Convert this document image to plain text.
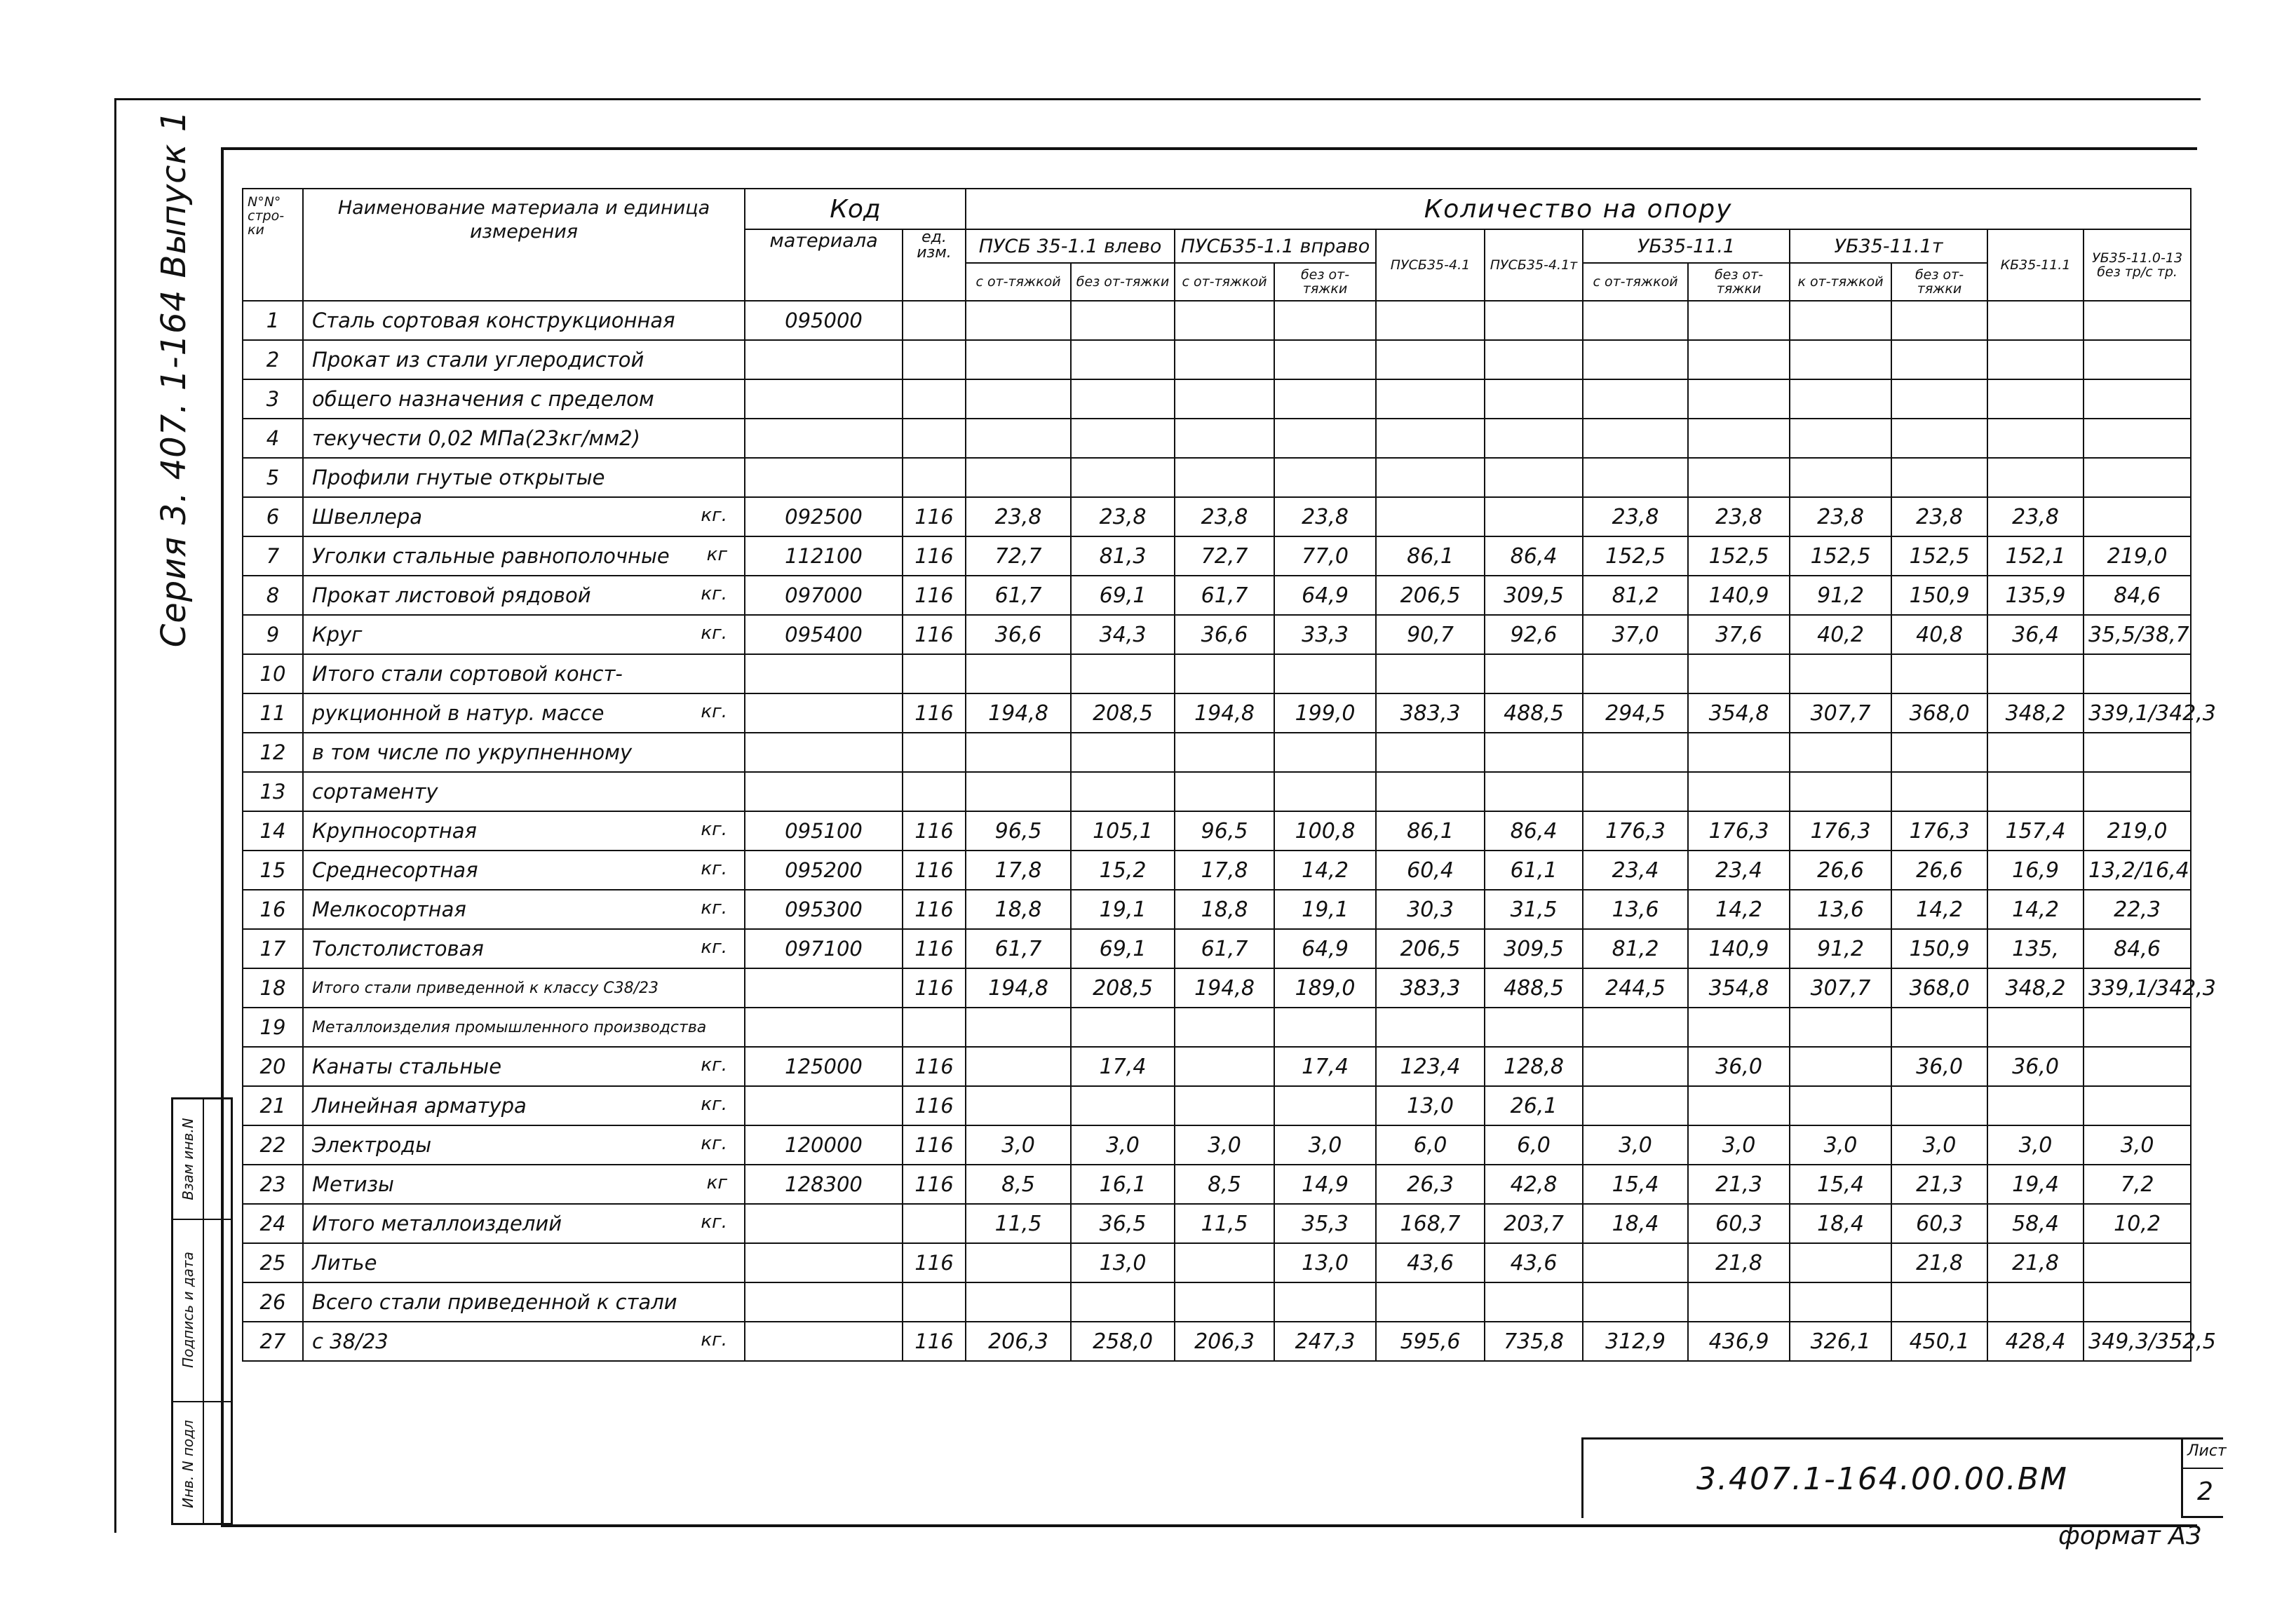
Серия 3. 407. 1-164 Выпуск 1
Взам инв.N
Подпись и дата
Инв. N подл
N°N° стро-ки	Наименование материала и единица измерения	Код		Количество на опору											
		материала	ед. изм.	ПУСБ 35-1.1 влево		ПУСБ35-1.1 вправо		ПУСБ35-4.1	ПУСБ35-4.1т	УБ35-11.1		УБ35-11.1т		КБ35-11.1	УБ35-11.0-13 без тр/с тр.
				с от-тяжкой	без от-тяжки	с от-тяжкой	без от-тяжки			с от-тяжкой	без от-тяжки	к от-тяжкой	без от-тяжки		
1	Сталь сортовая конструкционная	095000													
2	Прокат из стали углеродистой

3	общего назначения с пределом

4	текучести 0,02 МПа(23кг/мм2)

5	Профили гнутые открытые

6	Швеллера кг.	092500	116	23,8	23,8	23,8	23,8			23,8	23,8	23,8	23,8	23,8	
7	Уголки стальные равнополочные кг	112100	116	72,7	81,3	72,7	77,0	86,1	86,4	152,5	152,5	152,5	152,5	152,1	219,0
8	Прокат листовой рядовой кг.	097000	116	61,7	69,1	61,7	64,9	206,5	309,5	81,2	140,9	91,2	150,9	135,9	84,6
9	Круг кг.	095400	116	36,6	34,3	36,6	33,3	90,7	92,6	37,0	37,6	40,2	40,8	36,4	35,5/38,7
10	Итого стали сортовой конст-

11	рукционной в натур. массе кг.		116	194,8	208,5	194,8	199,0	383,3	488,5	294,5	354,8	307,7	368,0	348,2	339,1/342,3
12	в том числе по укрупненному

13	сортаменту

14	Крупносортная кг.	095100	116	96,5	105,1	96,5	100,8	86,1	86,4	176,3	176,3	176,3	176,3	157,4	219,0
15	Среднесортная кг.	095200	116	17,8	15,2	17,8	14,2	60,4	61,1	23,4	23,4	26,6	26,6	16,9	13,2/16,4
16	Мелкосортная кг.	095300	116	18,8	19,1	18,8	19,1	30,3	31,5	13,6	14,2	13,6	14,2	14,2	22,3
17	Толстолистовая кг.	097100	116	61,7	69,1	61,7	64,9	206,5	309,5	81,2	140,9	91,2	150,9	135,	84,6
18	Итого стали приведенной к классу С38/23		116	194,8	208,5	194,8	189,0	383,3	488,5	244,5	354,8	307,7	368,0	348,2	339,1/342,3
19	Металлоизделия промышленного производства

20	Канаты стальные кг.	125000	116		17,4		17,4	123,4	128,8		36,0		36,0	36,0	
21	Линейная арматура кг.		116					13,0	26,1						
22	Электроды кг.	120000	116	3,0	3,0	3,0	3,0	6,0	6,0	3,0	3,0	3,0	3,0	3,0	3,0
23	Метизы кг	128300	116	8,5	16,1	8,5	14,9	26,3	42,8	15,4	21,3	15,4	21,3	19,4	7,2
24	Итого металлоизделий кг.			11,5	36,5	11,5	35,3	168,7	203,7	18,4	60,3	18,4	60,3	58,4	10,2
25	Литье		116		13,0		13,0	43,6	43,6		21,8		21,8	21,8	
26	Всего стали приведенной к стали

27	с 38/23 кг.		116	206,3	258,0	206,3	247,3	595,6	735,8	312,9	436,9	326,1	450,1	428,4	349,3/352,5
3.407.1-164.00.00.ВМ
Лист
2
формат А3
